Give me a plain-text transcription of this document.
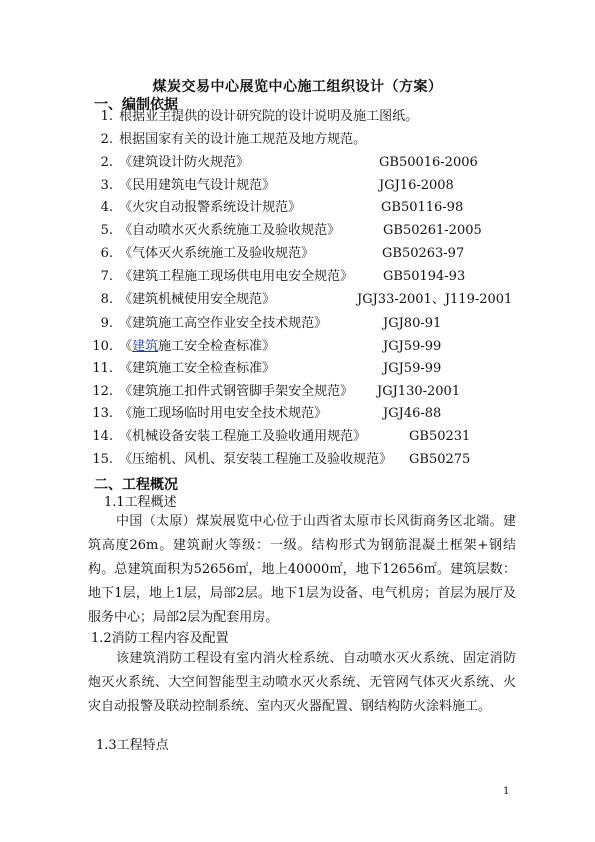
煤炭交易中心展览中心施工组织设计（方案）
一、编制依据
1. 根据业主提供的设计研究院的设计说明及施工图纸。
2. 根据国家有关的设计施工规范及地方规范。
2. 《建筑设计防火规范》	GB50016-2006
3. 《民用建筑电气设计规范》	JGJ16-2008
4. 《火灾自动报警系统设计规范》	GB50116-98
5. 《自动喷水灭火系统施工及验收规范》	GB50261-2005
6. 《气体灭火系统施工及验收规范》	GB50263-97
7. 《建筑工程施工现场供电用电安全规范》 GB50194-93
8. 《建筑机械使用安全规范》	JGJ33-2001、J119-2001
9. 《建筑施工高空作业安全技术规范》	JGJ80-91
10. 《建筑施工安全检查标准》	JGJ59-99
11. 《建筑施工安全检查标准》	JGJ59-99
12. 《建筑施工扣件式钢管脚手架安全规范》 JGJ130-2001
13. 《施工现场临时用电安全技术规范》	JGJ46-88
14. 《机械设备安装工程施工及验收通用规范》	GB50231
15. 《压缩机、风机、泵安装工程施工及验收规范》 GB50275
二、工程概况
1.1工程概述

中国（太原）煤炭展览中心位于山西省太原市长风街商务区北端。建筑高度26m。建筑耐火等级：一级。结构形式为钢筋混凝土框架+钢结构。总建筑面积为52656㎡，地上40000㎡，地下12656㎡。建筑层数：地下1层，地上1层，局部2层。地下1层为设备、电气机房；首层为展厅及服务中心；局部2层为配套用房。

1.2消防工程内容及配置

该建筑消防工程设有室内消火栓系统、自动喷水灭火系统、固定消防炮灭火系统、大空间智能型主动喷水灭火系统、无管网气体灭火系统、火灾自动报警及联动控制系统、室内灭火器配置、钢结构防火涂料施工。

1.3工程特点
1
